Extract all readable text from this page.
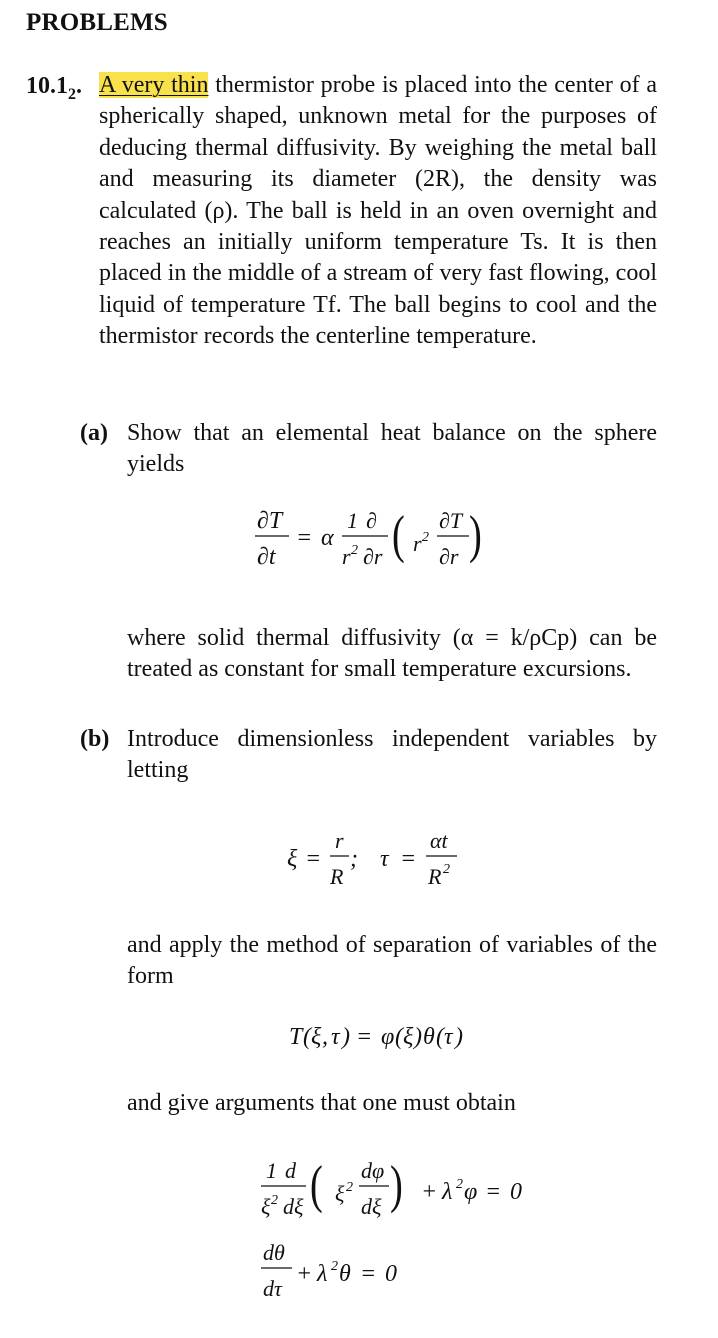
PROBLEMS
$10.1_2$. A very thin thermistor probe is placed into the center of a spherically shaped, unknown metal for the purposes of deducing thermal diffusivity. By weighing the metal ball and measuring its diameter (2R), the density was calculated (ρ). The ball is held in an oven overnight and reaches an initially uniform temperature Ts. It is then placed in the middle of a stream of very fast flowing, cool liquid of temperature Tf. The ball begins to cool and the thermistor records the centerline temperature.

(a) Show that an elemental heat balance on the sphere yields

∂T
∂t
= α
1 ∂
r 2 ∂r ( r 2
∂T
∂r )

where solid thermal diffusivity (α = k/ρCp) can be treated as constant for small temperature excursions.

(b) Introduce dimensionless independent variables by letting

ξ =
r
R
; τ =
αt
R 2

and apply the method of separation of variables of the form

T ( ξ , τ ) = φ ( ξ ) θ ( τ )

and give arguments that one must obtain

1 d
ξ 2 dξ ( ξ 2
dφ
dξ ) + λ 2 φ = 0
dθ
dτ
+ λ 2 θ = 0
